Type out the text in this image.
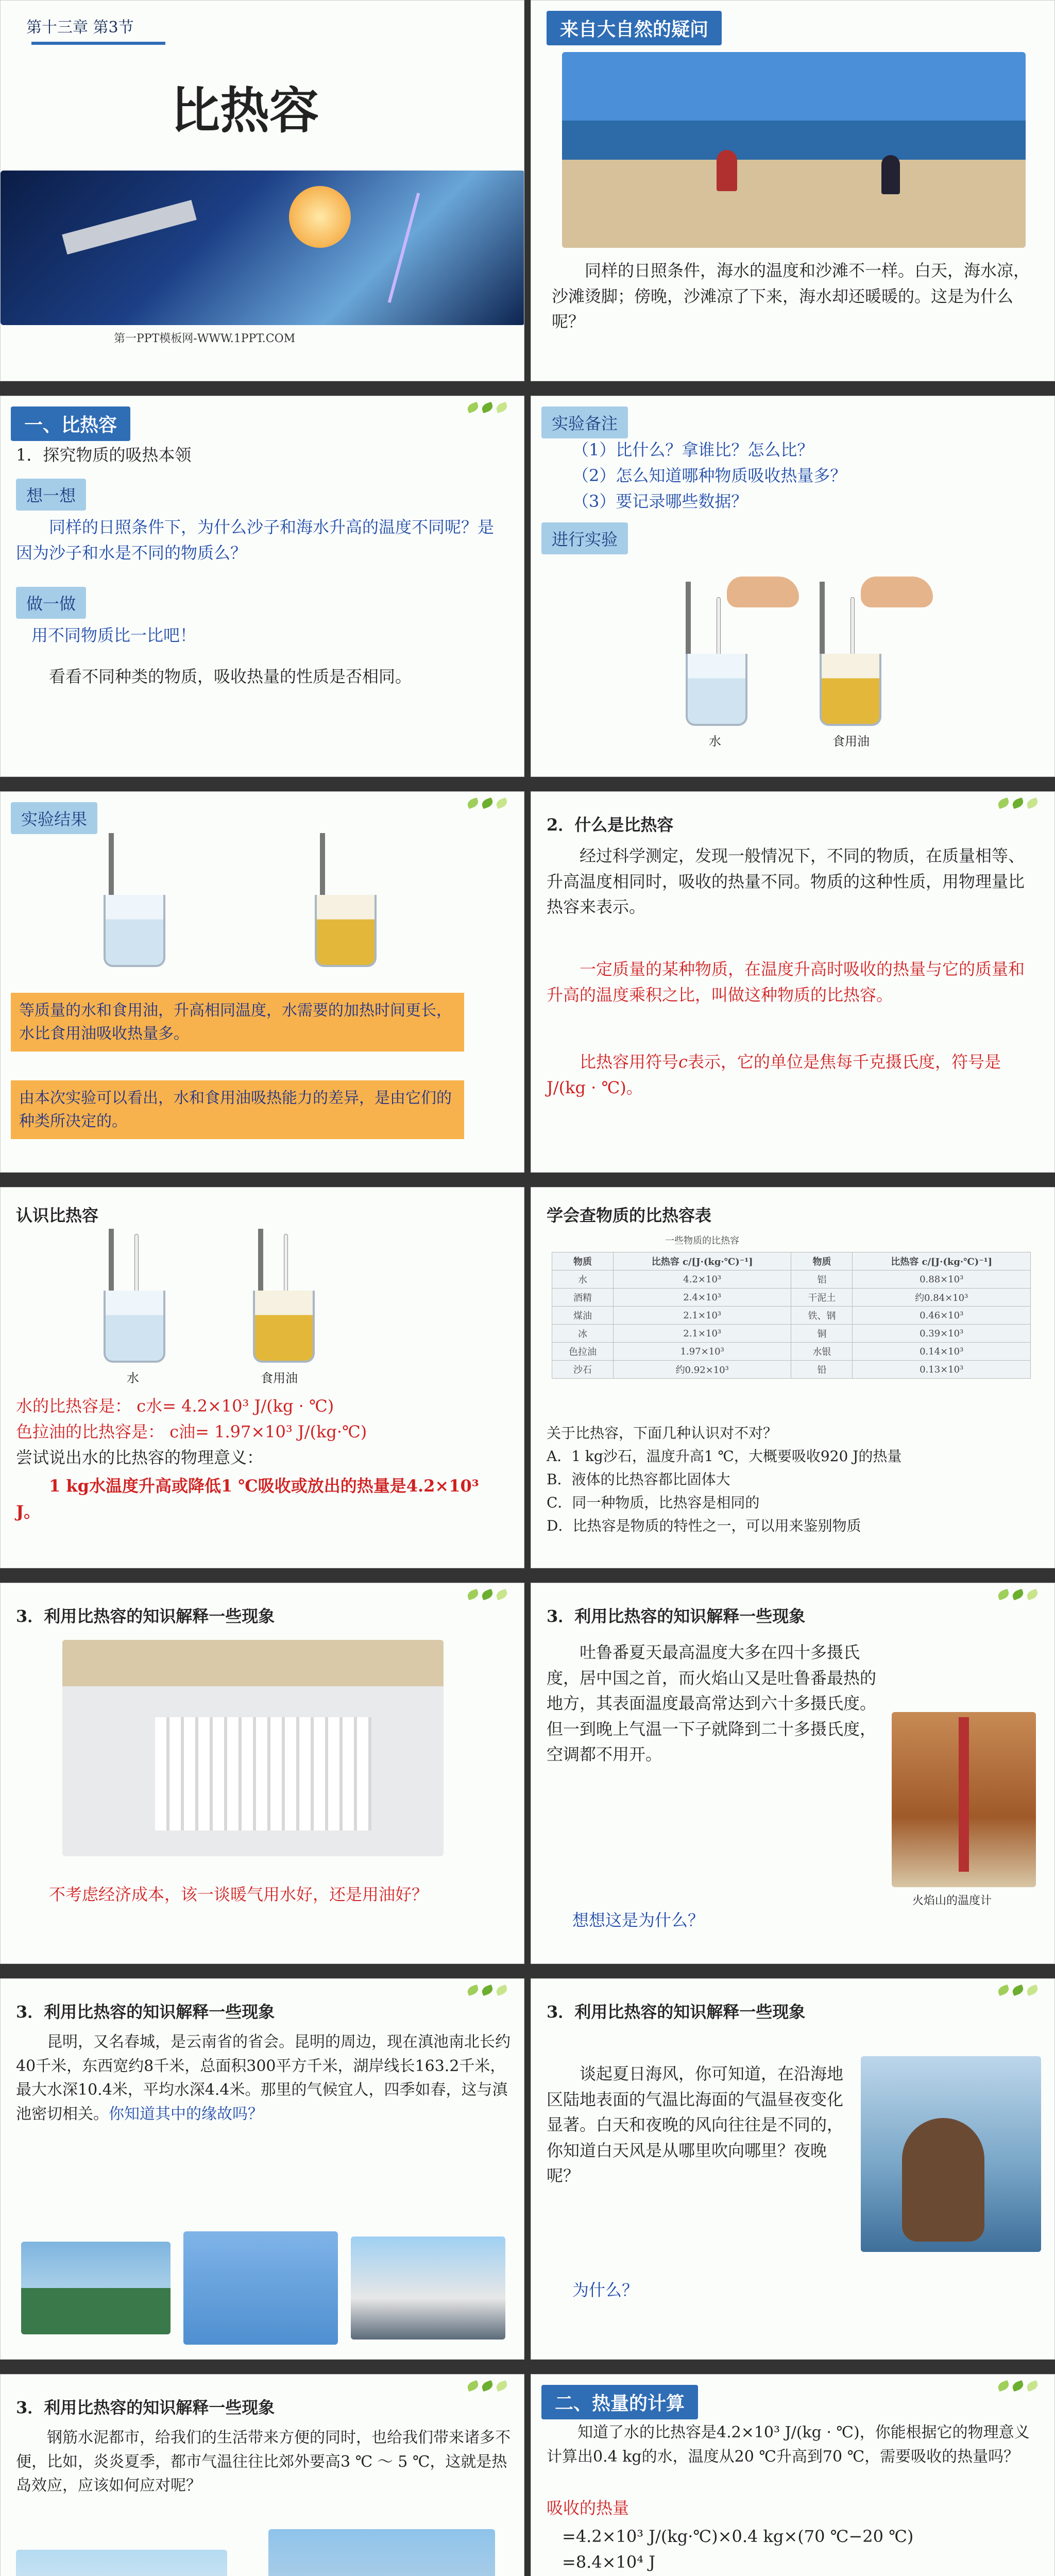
第十三章 第3节
比热容
第一PPT模板网-WWW.1PPT.COM
来自大自然的疑问
同样的日照条件，海水的温度和沙滩不一样。白天，海水凉，沙滩烫脚；傍晚，沙滩凉了下来，海水却还暖暖的。这是为什么呢？
一、比热容
1．探究物质的吸热本领
想一想
同样的日照条件下，为什么沙子和海水升高的温度不同呢？是因为沙子和水是不同的物质么？
做一做
用不同物质比一比吧！
看看不同种类的物质，吸收热量的性质是否相同。
实验备注
（1）比什么？拿谁比？怎么比？
（2）怎么知道哪种物质吸收热量多？
（3）要记录哪些数据？
进行实验
水	食用油
实验结果
等质量的水和食用油，升高相同温度，水需要的加热时间更长，水比食用油吸收热量多。
由本次实验可以看出，水和食用油吸热能力的差异，是由它们的种类所决定的。
2．什么是比热容
经过科学测定，发现一般情况下，不同的物质，在质量相等、升高温度相同时，吸收的热量不同。物质的这种性质，用物理量比热容来表示。
一定质量的某种物质，在温度升高时吸收的热量与它的质量和升高的温度乘积之比，叫做这种物质的比热容。
比热容用符号c表示，它的单位是焦每千克摄氏度，符号是J/(kg · ℃)。
认识比热容
水	食用油
水的比热容是： c水= 4.2×10³ J/(kg · ℃)
色拉油的比热容是： c油= 1.97×10³ J/(kg·℃)
尝试说出水的比热容的物理意义：
1 kg水温度升高或降低1 ℃吸收或放出的热量是4.2×10³ J。
学会查物质的比热容表
一些物质的比热容
物质	比热容 c/[J·(kg·℃)⁻¹]	物质	比热容 c/[J·(kg·℃)⁻¹]
水	4.2×10³	铝	0.88×10³
酒精	2.4×10³	干泥土	约0.84×10³
煤油	2.1×10³	铁、钢	0.46×10³
冰	2.1×10³	铜	0.39×10³
色拉油	1.97×10³	水银	0.14×10³
沙石	约0.92×10³	铅	0.13×10³
关于比热容，下面几种认识对不对？
A．1 kg沙石，温度升高1 ℃，大概要吸收920 J的热量
B．液体的比热容都比固体大
C．同一种物质，比热容是相同的
D．比热容是物质的特性之一，可以用来鉴别物质
3．利用比热容的知识解释一些现象
不考虑经济成本，该一谈暖气用水好，还是用油好？
3．利用比热容的知识解释一些现象
吐鲁番夏天最高温度大多在四十多摄氏度，居中国之首，而火焰山又是吐鲁番最热的地方，其表面温度最高常达到六十多摄氏度。但一到晚上气温一下子就降到二十多摄氏度，空调都不用开。
想想这是为什么？
火焰山的温度计
3．利用比热容的知识解释一些现象
昆明，又名春城，是云南省的省会。昆明的周边，现在滇池南北长约40千米，东西宽约8千米，总面积300平方千米，湖岸线长163.2千米，最大水深10.4米，平均水深4.4米。那里的气候宜人，四季如春，这与滇池密切相关。你知道其中的缘故吗？
3．利用比热容的知识解释一些现象
谈起夏日海风，你可知道，在沿海地区陆地表面的气温比海面的气温昼夜变化显著。白天和夜晚的风向往往是不同的，你知道白天风是从哪里吹向哪里？夜晚呢？
为什么？
3．利用比热容的知识解释一些现象
钢筋水泥都市，给我们的生活带来方便的同时，也给我们带来诸多不便，比如，炎炎夏季，都市气温往往比郊外要高3 ℃ ～ 5 ℃，这就是热岛效应，应该如何应对呢？
二、热量的计算
知道了水的比热容是4.2×10³ J/(kg · ℃)，你能根据它的物理意义计算出0.4 kg的水，温度从20 ℃升高到70 ℃，需要吸收的热量吗？
吸收的热量
=4.2×10³ J/(kg·℃)×0.4 kg×(70 ℃−20 ℃)
=8.4×10⁴ J
